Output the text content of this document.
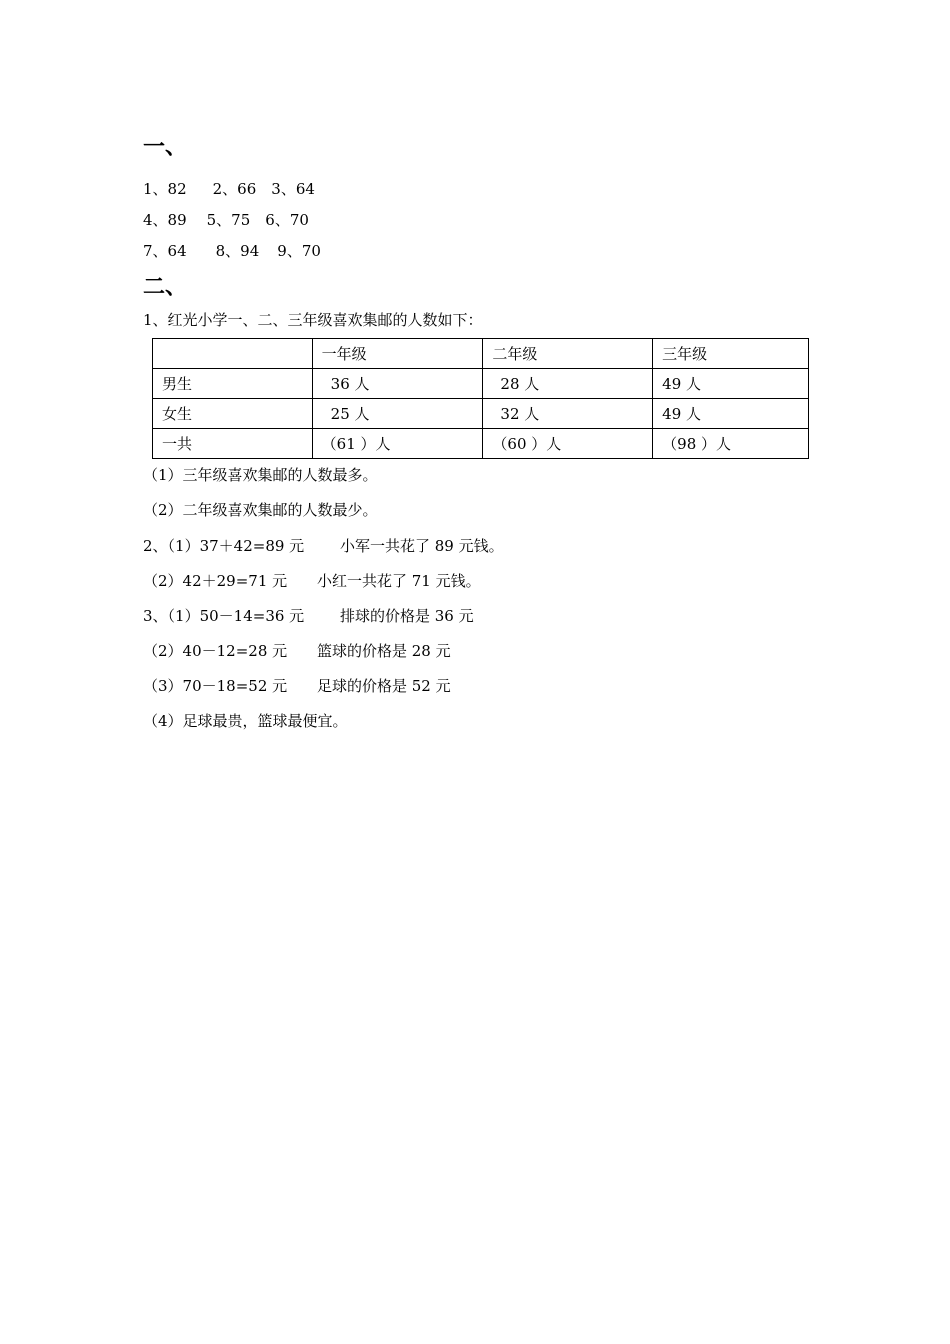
一、
1、82 2、66 3、64
4、89 5、75 6、70
7、64 8、94 9、70
二、
1、红光小学一、二、三年级喜欢集邮的人数如下：
	一年级	二年级	三年级
男生	36 人	28 人	49 人
女生	25 人	32 人	49 人
一共	（61 ）人	（60 ）人	（98 ）人
（1）三年级喜欢集邮的人数最多。
（2）二年级喜欢集邮的人数最少。
2、（1）37＋42=89 元 小军一共花了 89 元钱。
（2）42＋29=71 元 小红一共花了 71 元钱。
3、（1）50－14=36 元 排球的价格是 36 元
（2）40－12=28 元 篮球的价格是 28 元
（3）70－18=52 元 足球的价格是 52 元
（4）足球最贵，篮球最便宜。
